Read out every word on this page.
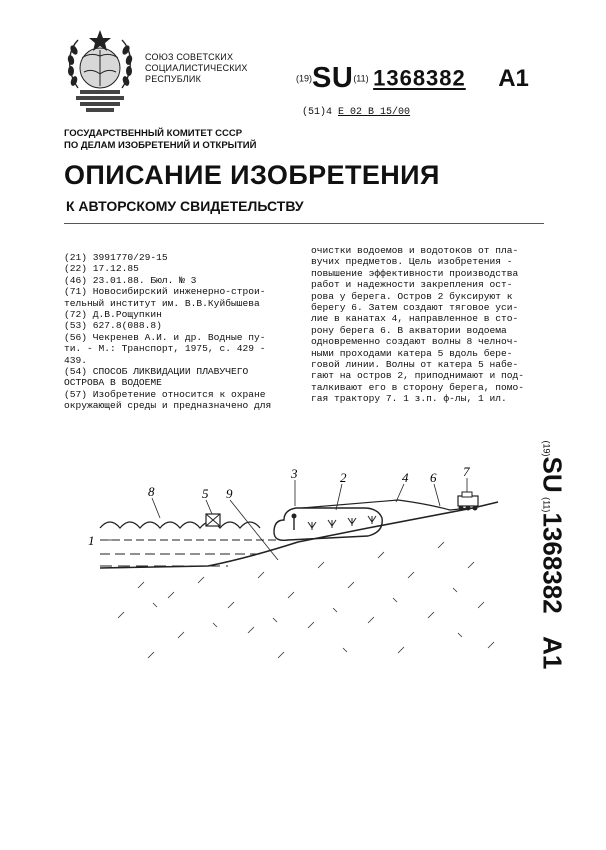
СОЮЗ СОВЕТСКИХ
СОЦИАЛИСТИЧЕСКИХ
РЕСПУБЛИК	(19)SU(11) 1368382 A1
(51)4 E 02 B 15/00
ГОСУДАРСТВЕННЫЙ КОМИТЕТ СССР
ПО ДЕЛАМ ИЗОБРЕТЕНИЙ И ОТКРЫТИЙ
ОПИСАНИЕ ИЗОБРЕТЕНИЯ
К АВТОРСКОМУ СВИДЕТЕЛЬСТВУ
(21) 3991770/29-15
(22) 17.12.85
(46) 23.01.88. Бюл. № 3
(71) Новосибирский инженерно-строи-
тельный институт им. В.В.Куйбышева
(72) Д.В.Рощупкин
(53) 627.8(088.8)
(56) Чекренев А.И. и др. Водные пу-
ти. - М.: Транспорт, 1975, с. 429 -
439.
(54) СПОСОБ ЛИКВИДАЦИИ ПЛАВУЧЕГО
ОСТРОВА В ВОДОЕМЕ
(57) Изобретение относится к охране
окружающей среды и предназначено для
очистки водоемов и водотоков от пла-
вучих предметов. Цель изобретения -
повышение эффективности производства
работ и надежности закрепления ост-
рова у берега. Остров 2 буксируют к
берегу 6. Затем создают тяговое уси-
лие в канатах 4, направленное в сто-
рону берега 6. В акватории водоема
одновременно создают волны 8 челноч-
ными проходами катера 5 вдоль бере-
говой линии. Волны от катера 5 набе-
гают на остров 2, приподнимают и под-
талкивают его в сторону берега, помо-
гая трактору 7. 1 з.п. ф-лы, 1 ил.
1
8	5 9
3	2	4 6 7
(19)SU (11)1368382 A1
